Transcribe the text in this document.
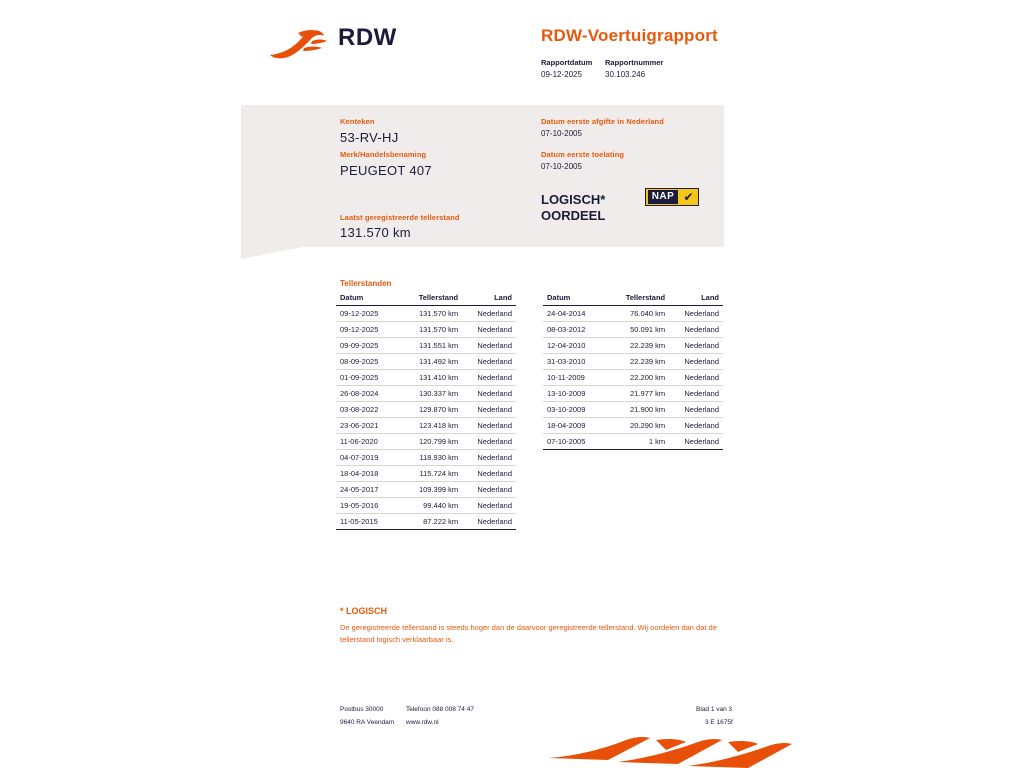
RDW	RDW-Voertuigrapport
Rapportdatum
09-12-2025
Rapportnummer
30.103.246
Kenteken
53-RV-HJ
Merk/Handelsbenaming
PEUGEOT 407
Laatst geregistreerde tellerstand
131.570 km
Datum eerste afgifte in Nederland
07-10-2005
Datum eerste toelating
07-10-2005
LOGISCH*
OORDEEL
NAP ✔
Tellerstanden
Datum	Tellerstand	Land
09-12-2025	131.570 km	Nederland
09-12-2025	131.570 km	Nederland
09-09-2025	131.551 km	Nederland
08-09-2025	131.492 km	Nederland
01-09-2025	131.410 km	Nederland
26-08-2024	130.337 km	Nederland
03-08-2022	129.870 km	Nederland
23-06-2021	123.418 km	Nederland
11-06-2020	120.799 km	Nederland
04-07-2019	118.930 km	Nederland
18-04-2018	115.724 km	Nederland
24-05-2017	109.399 km	Nederland
19-05-2016	99.440 km	Nederland
11-05-2015	87.222 km	Nederland
Datum	Tellerstand	Land
24-04-2014	76.040 km	Nederland
08-03-2012	50.091 km	Nederland
12-04-2010	22.239 km	Nederland
31-03-2010	22.239 km	Nederland
10-11-2009	22.200 km	Nederland
13-10-2009	21.977 km	Nederland
03-10-2009	21.900 km	Nederland
18-04-2009	20.290 km	Nederland
07-10-2005	1 km	Nederland
* LOGISCH
De geregistreerde tellerstand is steeds hoger dan de daarvoor geregistreerde tellerstand. Wij oordelen dan dat de tellerstand logisch verklaarbaar is.
Postbus 30000
9640 RA Veendam
Telefoon 088 008 74 47
www.rdw.nl
Blad 1 van 3
3 E 1675f
